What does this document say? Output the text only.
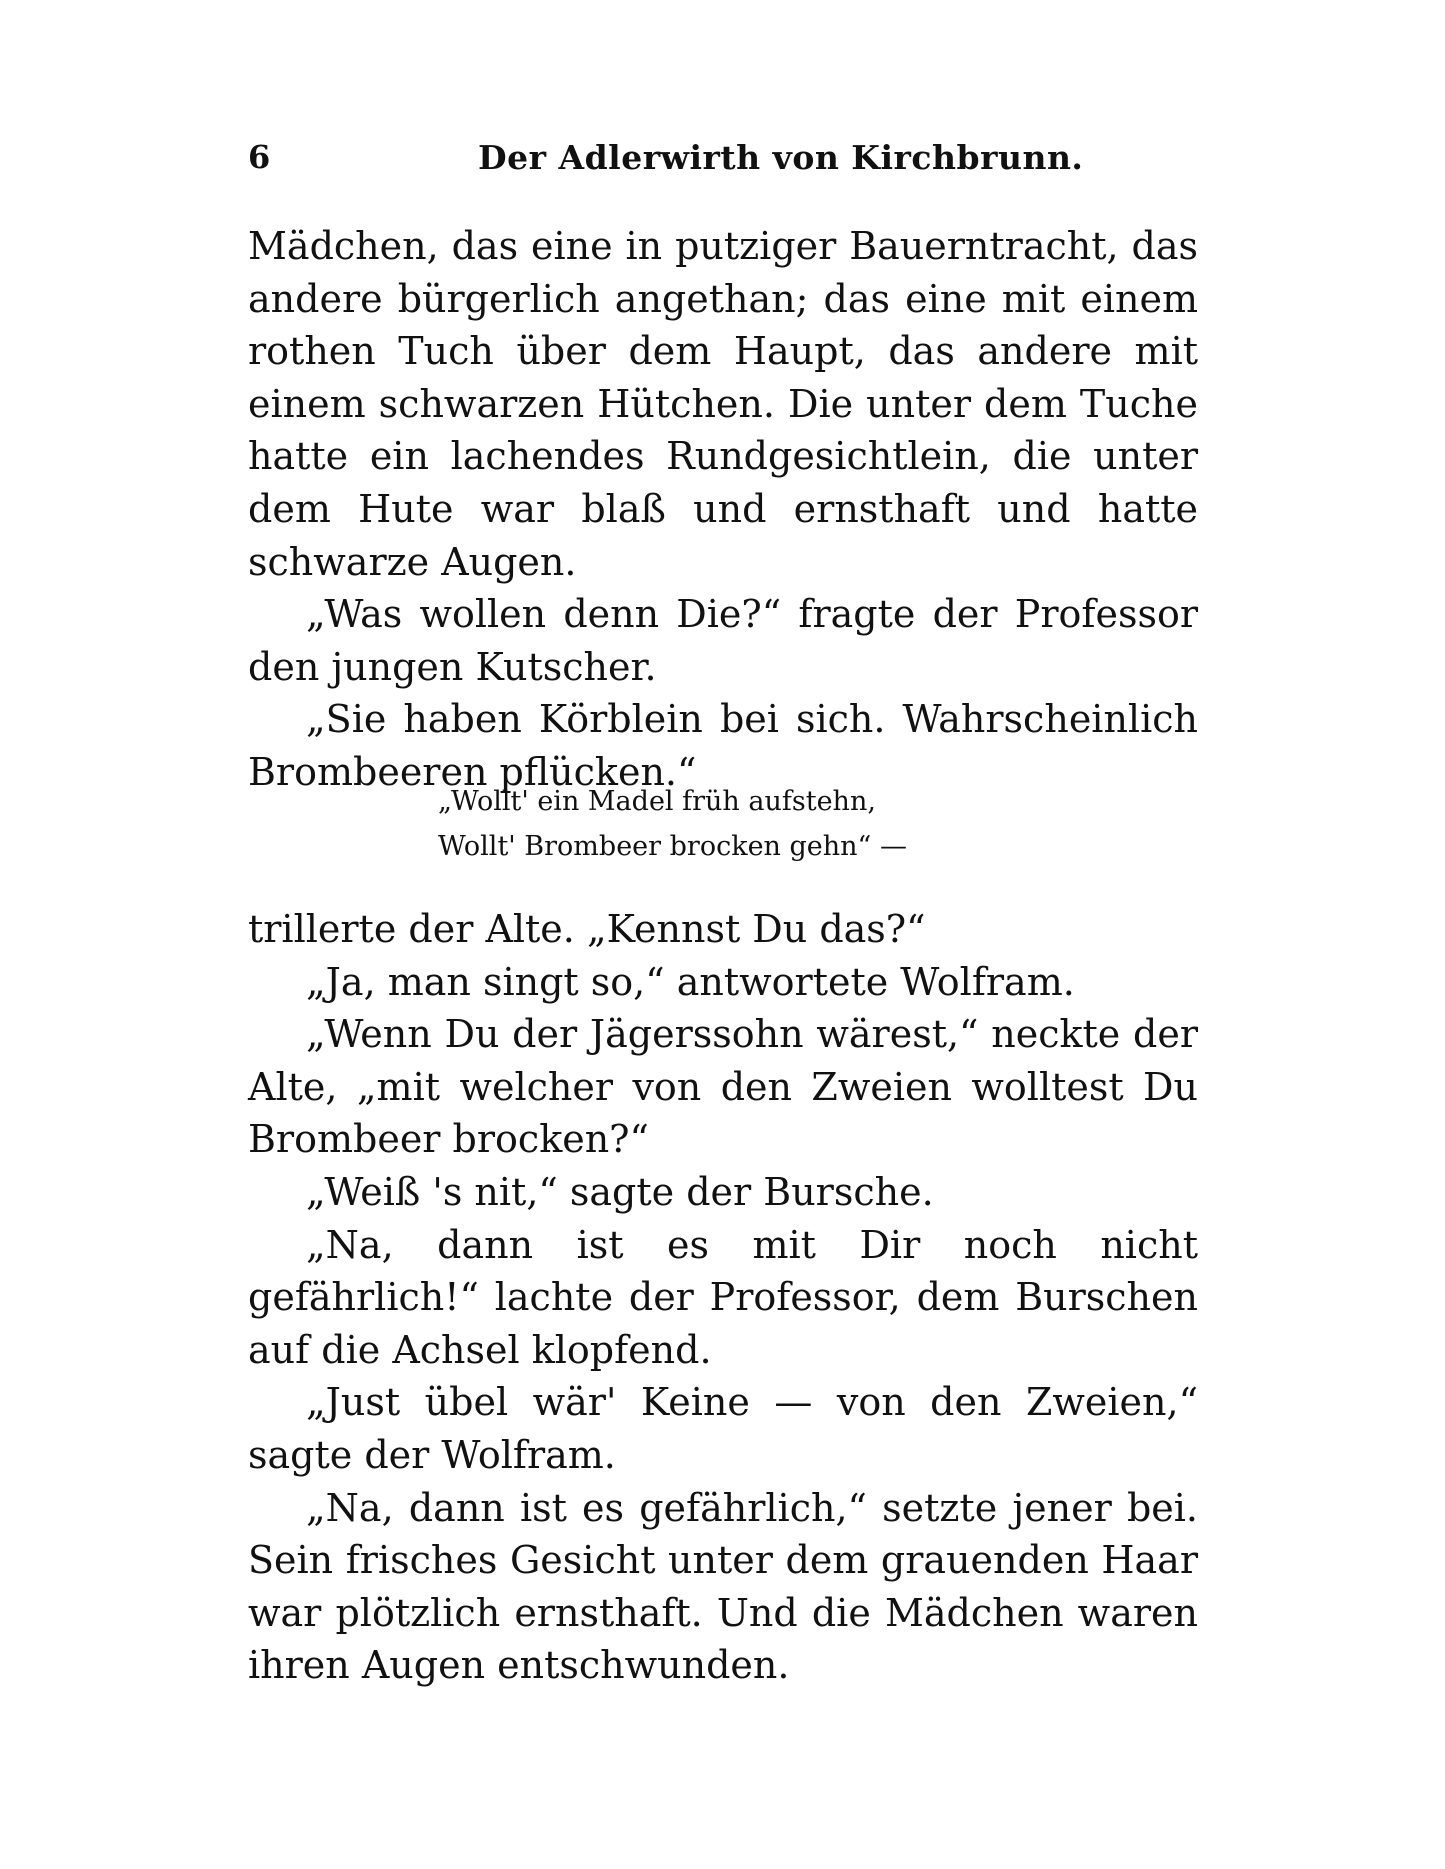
6	Der Adlerwirth von Kirchbrunn.

Mädchen, das eine in putziger Bauerntracht, das andere bürgerlich angethan; das eine mit einem rothen Tuch über dem Haupt, das andere mit einem schwarzen Hütchen. Die unter dem Tuche hatte ein lachendes Rundgesichtlein, die unter dem Hute war blaß und ernsthaft und hatte schwarze Augen.

„Was wollen denn Die?“ fragte der Professor den jungen Kutscher.

„Sie haben Körblein bei sich. Wahrscheinlich Brombeeren pflücken.“

„Wollt' ein Madel früh aufstehn,
Wollt' Brombeer brocken gehn“ —

trillerte der Alte. „Kennst Du das?“

„Ja, man singt so,“ antwortete Wolfram.

„Wenn Du der Jägerssohn wärest,“ neckte der Alte, „mit welcher von den Zweien wolltest Du Brombeer brocken?“

„Weiß 's nit,“ sagte der Bursche.

„Na, dann ist es mit Dir noch nicht gefährlich!“ lachte der Professor, dem Burschen auf die Achsel klopfend.

„Just übel wär' Keine — von den Zweien,“ sagte der Wolfram.

„Na, dann ist es gefährlich,“ setzte jener bei. Sein frisches Gesicht unter dem grauenden Haar war plötzlich ernsthaft. Und die Mädchen waren ihren Augen entschwunden.
